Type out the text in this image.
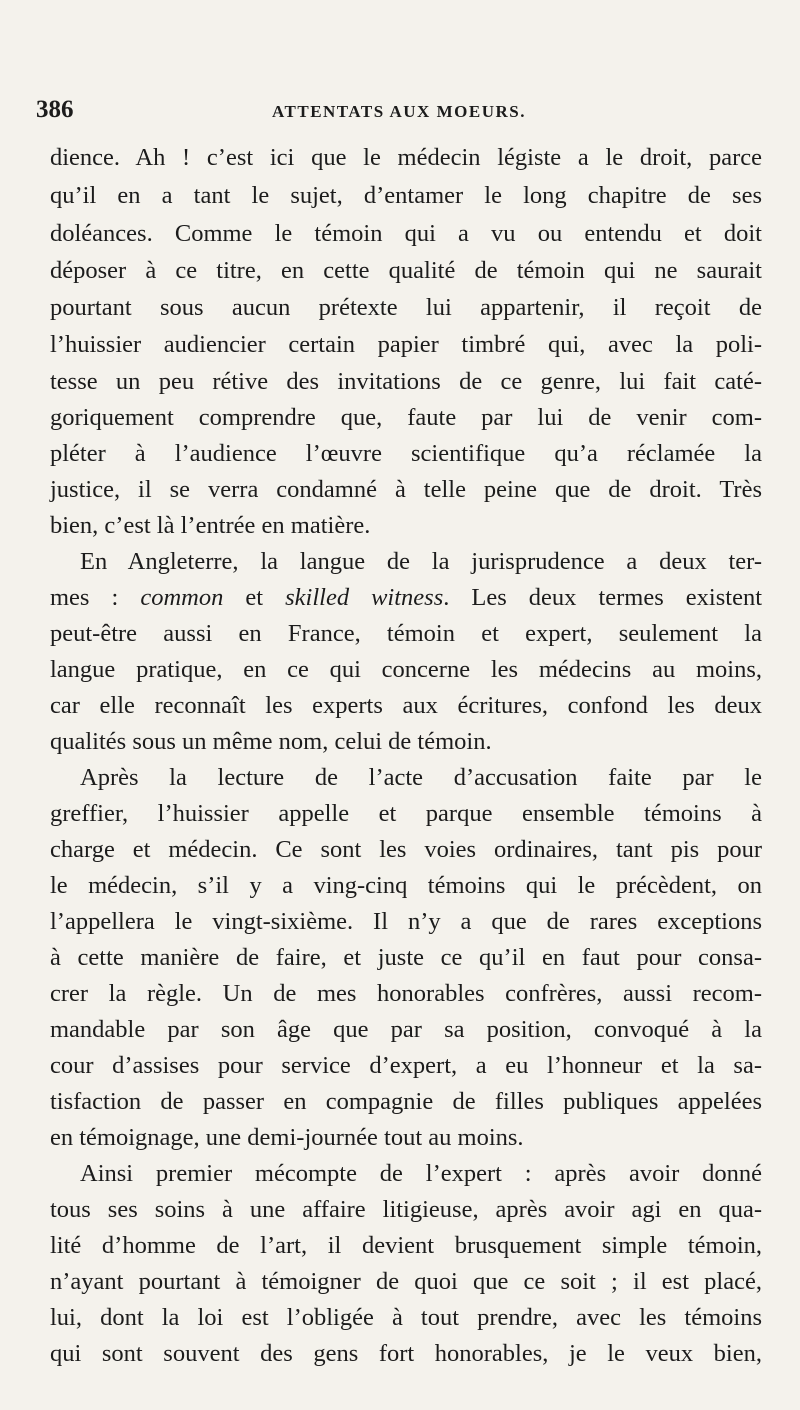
386	ATTENTATS AUX MOEURS.
dience. Ah ! c’est ici que le médecin légiste a le droit, parce
qu’il en a tant le sujet, d’entamer le long chapitre de ses
doléances. Comme le témoin qui a vu ou entendu et doit
déposer à ce titre, en cette qualité de témoin qui ne saurait
pourtant sous aucun prétexte lui appartenir, il reçoit de
l’huissier audiencier certain papier timbré qui, avec la poli-
tesse un peu rétive des invitations de ce genre, lui fait caté-
goriquement comprendre que, faute par lui de venir com-
pléter à l’audience l’œuvre scientifique qu’a réclamée la
justice, il se verra condamné à telle peine que de droit. Très
bien, c’est là l’entrée en matière.
En Angleterre, la langue de la jurisprudence a deux ter-
mes : common et skilled witness. Les deux termes existent
peut-être aussi en France, témoin et expert, seulement la
langue pratique, en ce qui concerne les médecins au moins,
car elle reconnaît les experts aux écritures, confond les deux
qualités sous un même nom, celui de témoin.
Après la lecture de l’acte d’accusation faite par le
greffier, l’huissier appelle et parque ensemble témoins à
charge et médecin. Ce sont les voies ordinaires, tant pis pour
le médecin, s’il y a ving-cinq témoins qui le précèdent, on
l’appellera le vingt-sixième. Il n’y a que de rares exceptions
à cette manière de faire, et juste ce qu’il en faut pour consa-
crer la règle. Un de mes honorables confrères, aussi recom-
mandable par son âge que par sa position, convoqué à la
cour d’assises pour service d’expert, a eu l’honneur et la sa-
tisfaction de passer en compagnie de filles publiques appelées
en témoignage, une demi-journée tout au moins.
Ainsi premier mécompte de l’expert : après avoir donné
tous ses soins à une affaire litigieuse, après avoir agi en qua-
lité d’homme de l’art, il devient brusquement simple témoin,
n’ayant pourtant à témoigner de quoi que ce soit ; il est placé,
lui, dont la loi est l’obligée à tout prendre, avec les témoins
qui sont souvent des gens fort honorables, je le veux bien,
